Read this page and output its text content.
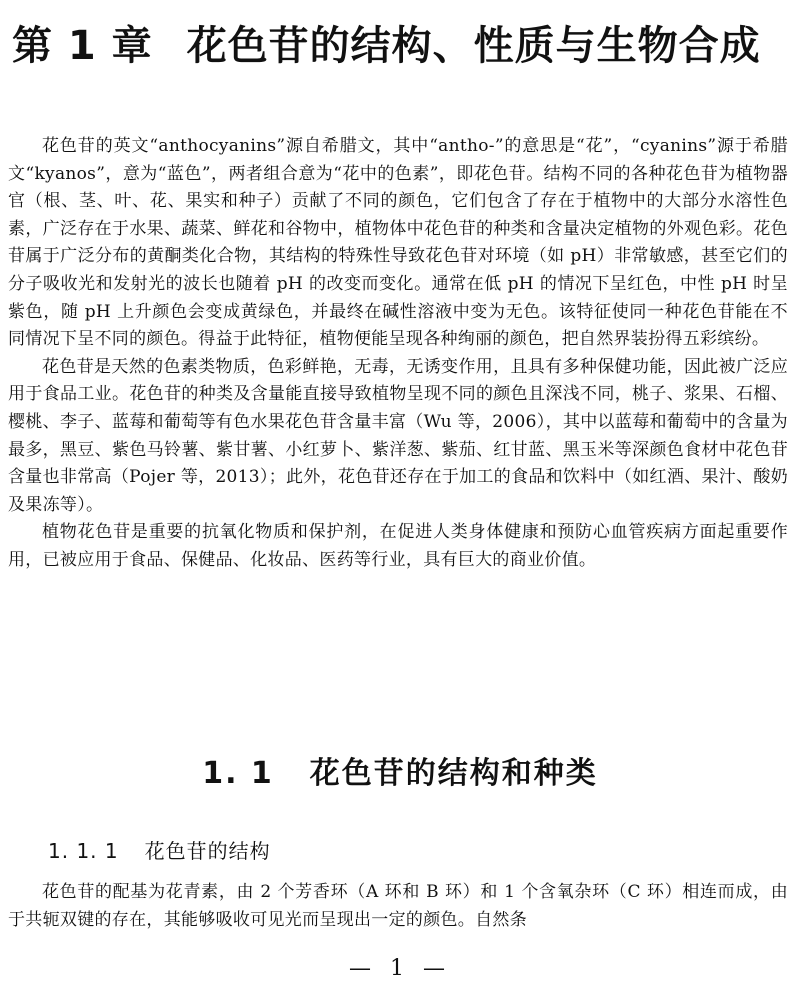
第 1 章 花色苷的结构、性质与生物合成

花色苷的英文“anthocyanins”源自希腊文，其中“antho-”的意思是“花”，“cyanins”源于希腊文“kyanos”，意为“蓝色”，两者组合意为“花中的色素”，即花色苷。结构不同的各种花色苷为植物器官（根、茎、叶、花、果实和种子）贡献了不同的颜色，它们包含了存在于植物中的大部分水溶性色素，广泛存在于水果、蔬菜、鲜花和谷物中，植物体中花色苷的种类和含量决定植物的外观色彩。花色苷属于广泛分布的黄酮类化合物，其结构的特殊性导致花色苷对环境（如 pH）非常敏感，甚至它们的分子吸收光和发射光的波长也随着 pH 的改变而变化。通常在低 pH 的情况下呈红色，中性 pH 时呈紫色，随 pH 上升颜色会变成黄绿色，并最终在碱性溶液中变为无色。该特征使同一种花色苷能在不同情况下呈不同的颜色。得益于此特征，植物便能呈现各种绚丽的颜色，把自然界装扮得五彩缤纷。

花色苷是天然的色素类物质，色彩鲜艳，无毒，无诱变作用，且具有多种保健功能，因此被广泛应用于食品工业。花色苷的种类及含量能直接导致植物呈现不同的颜色且深浅不同，桃子、浆果、石榴、樱桃、李子、蓝莓和葡萄等有色水果花色苷含量丰富（Wu 等，2006），其中以蓝莓和葡萄中的含量为最多，黑豆、紫色马铃薯、紫甘薯、小红萝卜、紫洋葱、紫茄、红甘蓝、黑玉米等深颜色食材中花色苷含量也非常高（Pojer 等，2013）；此外，花色苷还存在于加工的食品和饮料中（如红酒、果汁、酸奶及果冻等）。

植物花色苷是重要的抗氧化物质和保护剂，在促进人类身体健康和预防心血管疾病方面起重要作用，已被应用于食品、保健品、化妆品、医药等行业，具有巨大的商业价值。

1. 1 花色苷的结构和种类
1. 1. 1 花色苷的结构

花色苷的配基为花青素，由 2 个芳香环（A 环和 B 环）和 1 个含氧杂环（C 环）相连而成，由于共轭双键的存在，其能够吸收可见光而呈现出一定的颜色。自然条

— 1 —
